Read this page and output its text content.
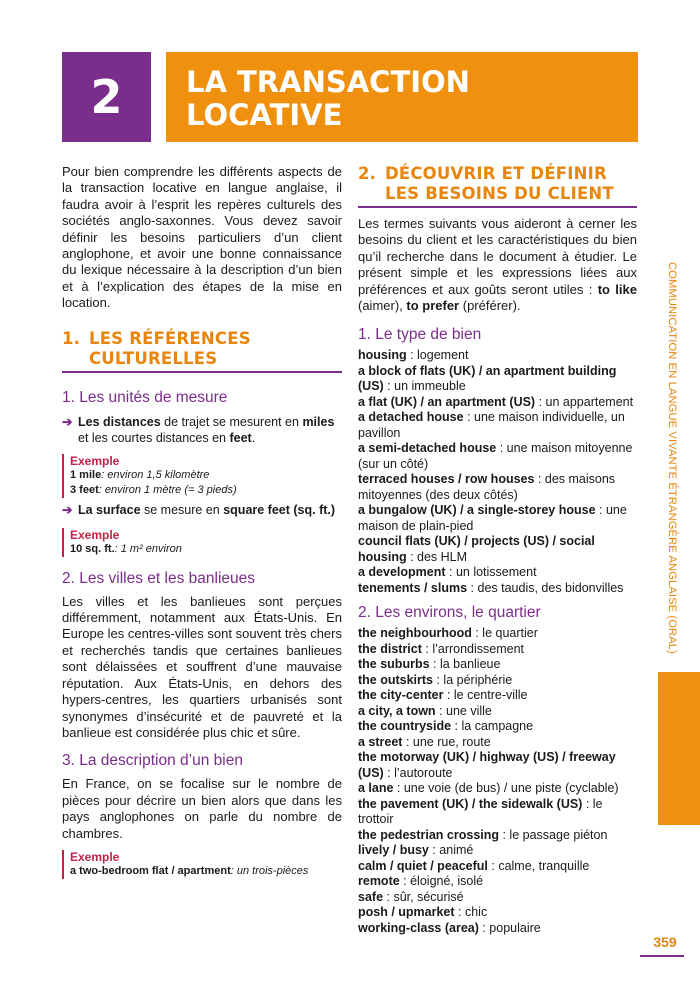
2	LA TRANSACTION
LOCATIVE

Pour bien comprendre les différents aspects de la transaction locative en langue anglaise, il faudra avoir à l’esprit les repères culturels des sociétés anglo-saxonnes. Vous devez savoir définir les besoins particuliers d’un client anglophone, et avoir une bonne connaissance du lexique nécessaire à la description d’un bien et à l’explication des étapes de la mise en location.

1. LES RÉFÉRENCES
CULTURELLES
1. Les unités de mesure
➔ Les distances de trajet se mesurent en miles et les courtes distances en feet.
Exemple
1 mile: environ 1,5 kilomètre
3 feet: environ 1 mètre (= 3 pieds)
➔ La surface se mesure en square feet (sq. ft.)
Exemple
10 sq. ft.: 1 m² environ
2. Les villes et les banlieues

Les villes et les banlieues sont perçues différemment, notamment aux États-Unis. En Europe les centres-villes sont souvent très chers et recherchés tandis que certaines banlieues sont délaissées et souffrent d’une mauvaise réputation. Aux États-Unis, en dehors des hypers-centres, les quartiers urbanisés sont synonymes d’insécurité et de pauvreté et la banlieue est considérée plus chic et sûre.

3. La description d’un bien

En France, on se focalise sur le nombre de pièces pour décrire un bien alors que dans les pays anglophones on parle du nombre de chambres.

Exemple
a two-bedroom flat / apartment: un trois-pièces
2. DÉCOUVRIR ET DÉFINIR
LES BESOINS DU CLIENT

Les termes suivants vous aideront à cerner les besoins du client et les caractéristiques du bien qu’il recherche dans le document à étudier. Le présent simple et les expressions liées aux préférences et aux goûts seront utiles : to like (aimer), to prefer (préférer).

1. Le type de bien
housing : logement
a block of flats (UK) / an apartment building (US) : un immeuble
a flat (UK) / an apartment (US) : un appartement
a detached house : une maison individuelle, un pavillon
a semi-detached house : une maison mitoyenne (sur un côté)
terraced houses / row houses : des maisons mitoyennes (des deux côtés)
a bungalow (UK) / a single-storey house : une maison de plain-pied
council flats (UK) / projects (US) / social housing : des HLM
a development : un lotissement
tenements / slums : des taudis, des bidonvilles
2. Les environs, le quartier
the neighbourhood : le quartier
the district : l’arrondissement
the suburbs : la banlieue
the outskirts : la périphérie
the city-center : le centre-ville
a city, a town : une ville
the countryside : la campagne
a street : une rue, route
the motorway (UK) / highway (US) / freeway (US) : l’autoroute
a lane : une voie (de bus) / une piste (cyclable)
the pavement (UK) / the sidewalk (US) : le trottoir
the pedestrian crossing : le passage piéton
lively / busy : animé
calm / quiet / peaceful : calme, tranquille
remote : éloigné, isolé
safe : sûr, sécurisé
posh / upmarket : chic
working-class (area) : populaire
COMMUNICATION EN LANGUE VIVANTE ÉTRANGÈRE ANGLAISE (ORAL)
359
